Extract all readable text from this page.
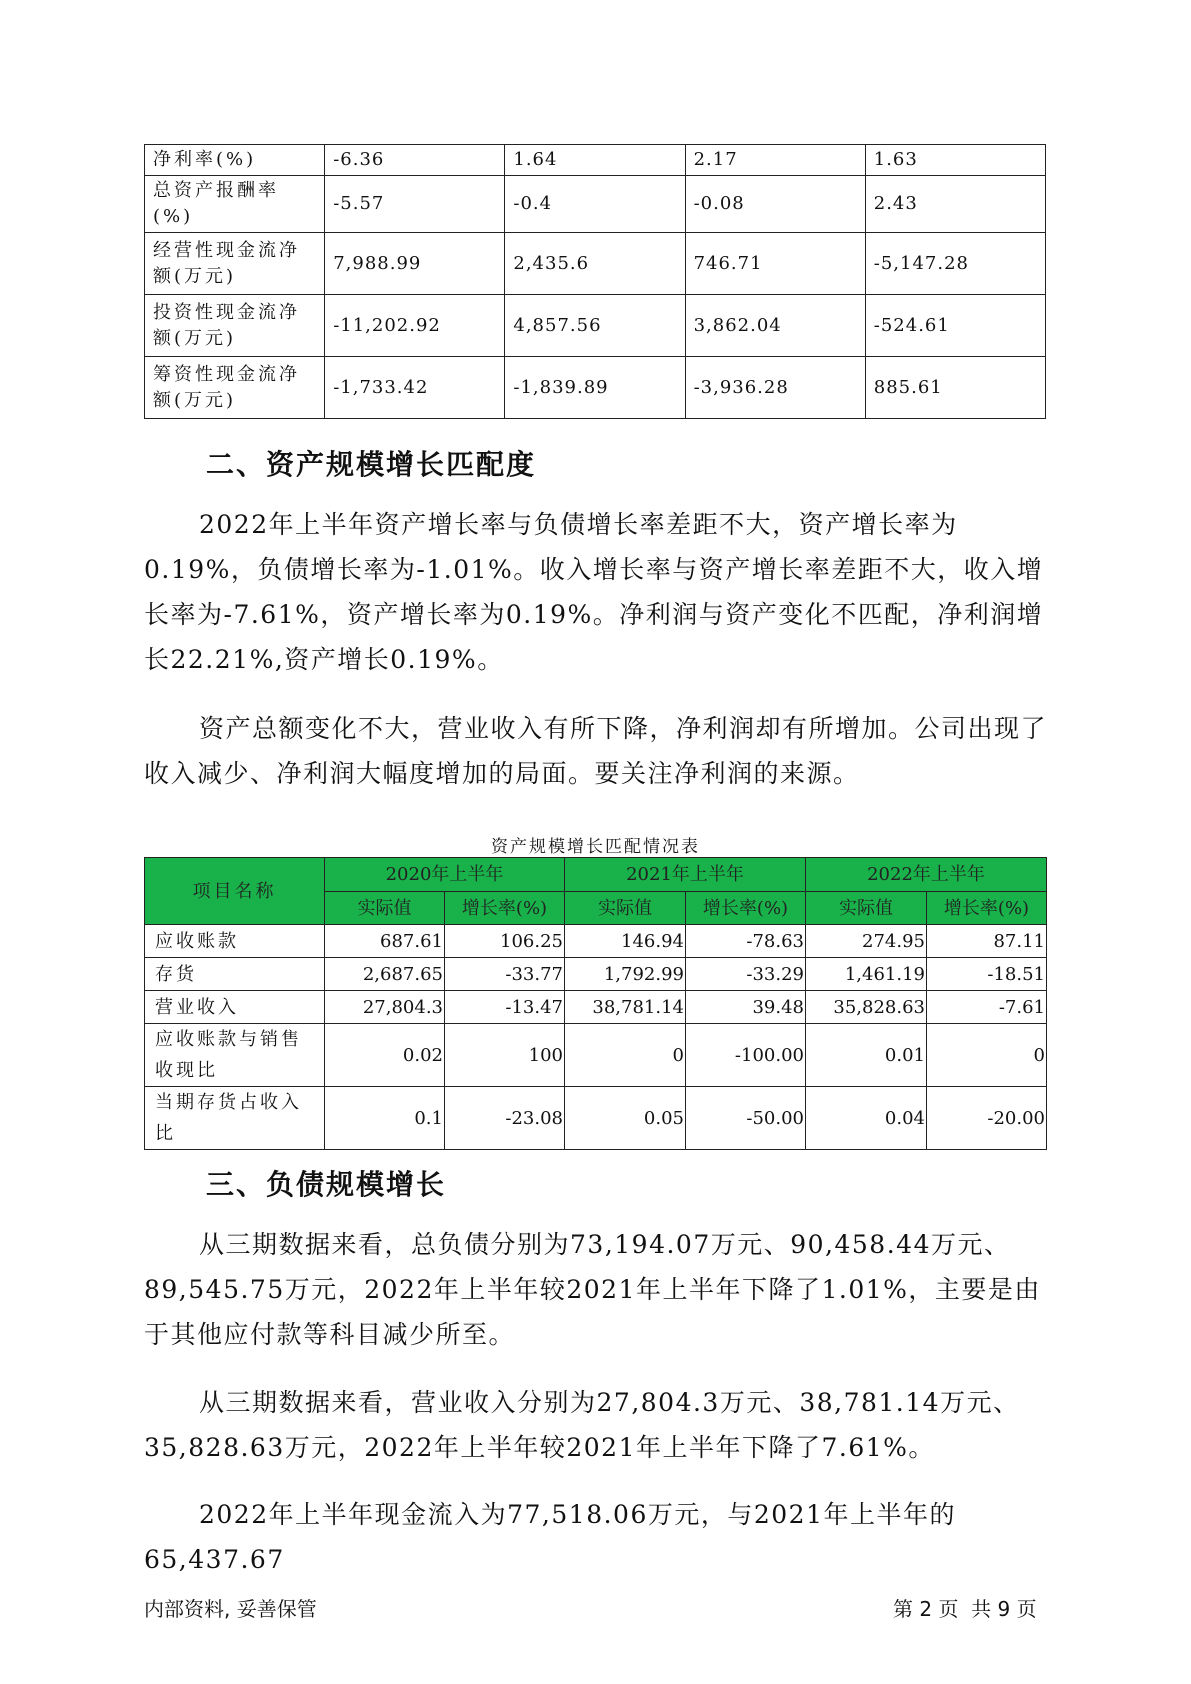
净利率(%)	-6.36	1.64	2.17	1.63
总资产报酬率(%)	-5.57	-0.4	-0.08	2.43
经营性现金流净额(万元)	7,988.99	2,435.6	746.71	-5,147.28
投资性现金流净额(万元)	-11,202.92	4,857.56	3,862.04	-524.61
筹资性现金流净额(万元)	-1,733.42	-1,839.89	-3,936.28	885.61
二、资产规模增长匹配度

2022年上半年资产增长率与负债增长率差距不大，资产增长率为0.19%，负债增长率为-1.01%。收入增长率与资产增长率差距不大，收入增长率为-7.61%，资产增长率为0.19%。净利润与资产变化不匹配，净利润增长22.21%,资产增长0.19%。

资产总额变化不大，营业收入有所下降，净利润却有所增加。公司出现了收入减少、净利润大幅度增加的局面。要关注净利润的来源。

资产规模增长匹配情况表
项目名称	2020年上半年		2021年上半年		2022年上半年	
	实际值	增长率(%)	实际值	增长率(%)	实际值	增长率(%)
应收账款	687.61	106.25	146.94	-78.63	274.95	87.11
存货	2,687.65	-33.77	1,792.99	-33.29	1,461.19	-18.51
营业收入	27,804.3	-13.47	38,781.14	39.48	35,828.63	-7.61
应收账款与销售收现比	0.02	100	0	-100.00	0.01	0
当期存货占收入比	0.1	-23.08	0.05	-50.00	0.04	-20.00
三、负债规模增长

从三期数据来看，总负债分别为73,194.07万元、90,458.44万元、89,545.75万元，2022年上半年较2021年上半年下降了1.01%，主要是由于其他应付款等科目减少所至。

从三期数据来看，营业收入分别为27,804.3万元、38,781.14万元、35,828.63万元，2022年上半年较2021年上半年下降了7.61%。

2022年上半年现金流入为77,518.06万元，与2021年上半年的65,437.67

内部资料, 妥善保管	第 2 页  共 9 页
